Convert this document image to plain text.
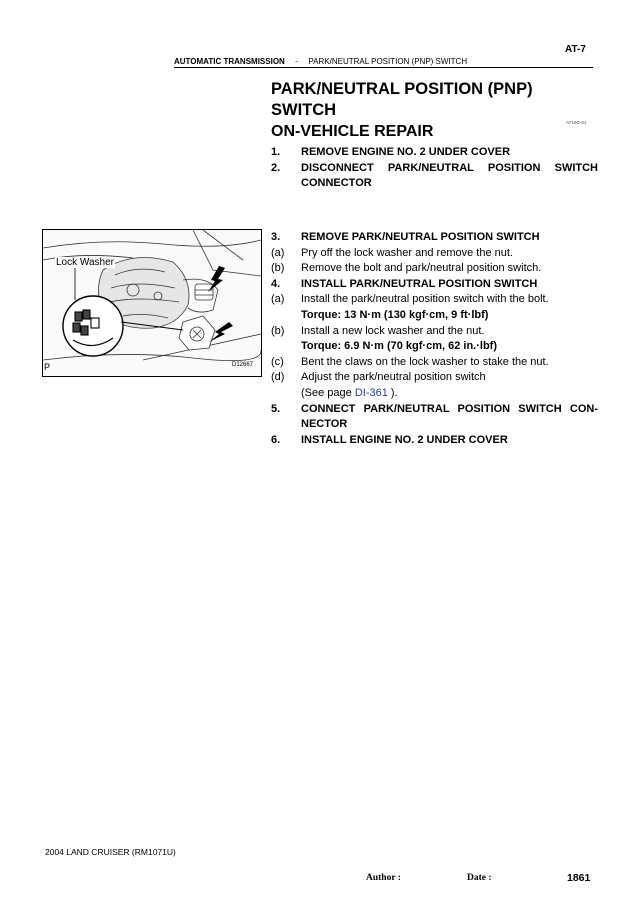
AT-7
AUTOMATIC TRANSMISSION - PARK/NEUTRAL POSITION (PNP) SWITCH
PARK/NEUTRAL POSITION (PNP)
SWITCH
AT10G-01
ON-VEHICLE REPAIR
1.	REMOVE ENGINE NO. 2 UNDER COVER
2.	DISCONNECT PARK/NEUTRAL POSITION SWITCH
CONNECTOR
3.	REMOVE PARK/NEUTRAL POSITION SWITCH
(a)	Pry off the lock washer and remove the nut.
(b)	Remove the bolt and park/neutral position switch.
4.	INSTALL PARK/NEUTRAL POSITION SWITCH
(a)	Install the park/neutral position switch with the bolt.
Torque: 13 N·m (130 kgf·cm, 9 ft·lbf)
(b)	Install a new lock washer and the nut.
Torque: 6.9 N·m (70 kgf·cm, 62 in.·lbf)
(c)	Bent the claws on the lock washer to stake the nut.
(d)	Adjust the park/neutral position switch
(See page DI-361 ).
5.	CONNECT PARK/NEUTRAL POSITION SWITCH CON-
NECTOR
6.	INSTALL ENGINE NO. 2 UNDER COVER
Lock Washer
P	D12667
2004 LAND CRUISER (RM1071U)
Author :	Date :	1861
